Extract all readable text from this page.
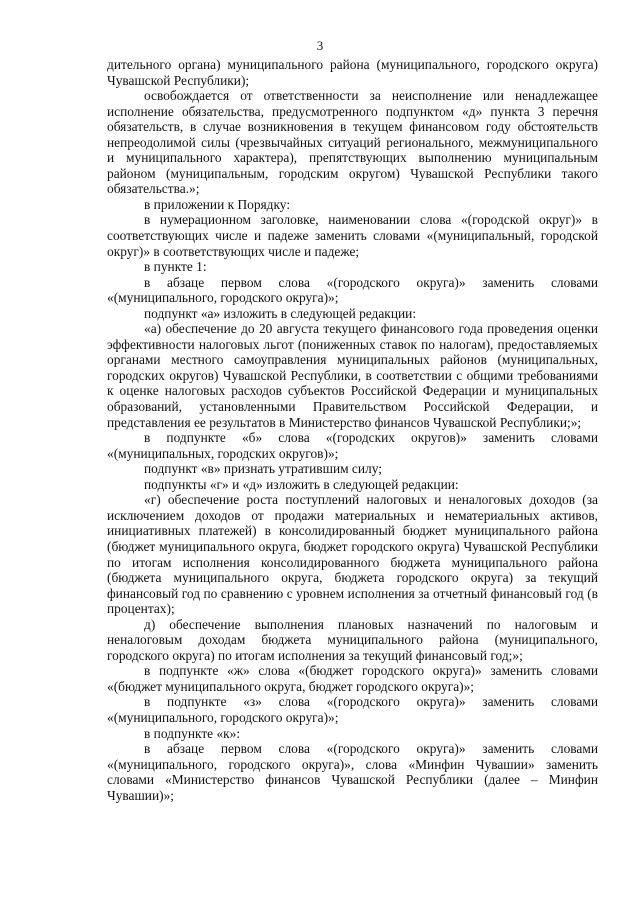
3

дительного органа) муниципального района (муниципального, городского округа) Чувашской Республики);

освобождается от ответственности за неисполнение или ненадлежащее исполнение обязательства, предусмотренного подпунктом «д» пункта 3 перечня обязательств, в случае возникновения в текущем финансовом году обстоятельств непреодолимой силы (чрезвычайных ситуаций регионального, межмуниципального и муниципального характера), препятствующих выполнению муниципальным районом (муниципальным, городским округом) Чувашской Республики такого обязательства.»;

в приложении к Порядку:

в нумерационном заголовке, наименовании слова «(городской округ)» в соответствующих числе и падеже заменить словами «(муниципальный, городской округ)» в соответствующих числе и падеже;

в пункте 1:

в абзаце первом слова «(городского округа)» заменить словами «(муниципального, городского округа)»;

подпункт «а» изложить в следующей редакции:

«а) обеспечение до 20 августа текущего финансового года проведения оценки эффективности налоговых льгот (пониженных ставок по налогам), предоставляемых органами местного самоуправления муниципальных районов (муниципальных, городских округов) Чувашской Республики, в соответствии с общими требованиями к оценке налоговых расходов субъектов Российской Федерации и муниципальных образований, установленными Правительством Российской Федерации, и представления ее результатов в Министерство финансов Чувашской Республики;»;

в подпункте «б» слова «(городских округов)» заменить словами «(муниципальных, городских округов)»;

подпункт «в» признать утратившим силу;

подпункты «г» и «д» изложить в следующей редакции:

«г) обеспечение роста поступлений налоговых и неналоговых доходов (за исключением доходов от продажи материальных и нематериальных активов, инициативных платежей) в консолидированный бюджет муниципального района (бюджет муниципального округа, бюджет городского округа) Чувашской Республики по итогам исполнения консолидированного бюджета муниципального района (бюджета муниципального округа, бюджета городского округа) за текущий финансовый год по сравнению с уровнем исполнения за отчетный финансовый год (в процентах);

д) обеспечение выполнения плановых назначений по налоговым и неналоговым доходам бюджета муниципального района (муниципального, городского округа) по итогам исполнения за текущий финансовый год;»;

в подпункте «ж» слова «(бюджет городского округа)» заменить словами «(бюджет муниципального округа, бюджет городского округа)»;

в подпункте «з» слова «(городского округа)» заменить словами «(муниципального, городского округа)»;

в подпункте «к»:

в абзаце первом слова «(городского округа)» заменить словами «(муниципального, городского округа)», слова «Минфин Чувашии» заменить словами «Министерство финансов Чувашской Республики (далее – Минфин Чувашии)»;
